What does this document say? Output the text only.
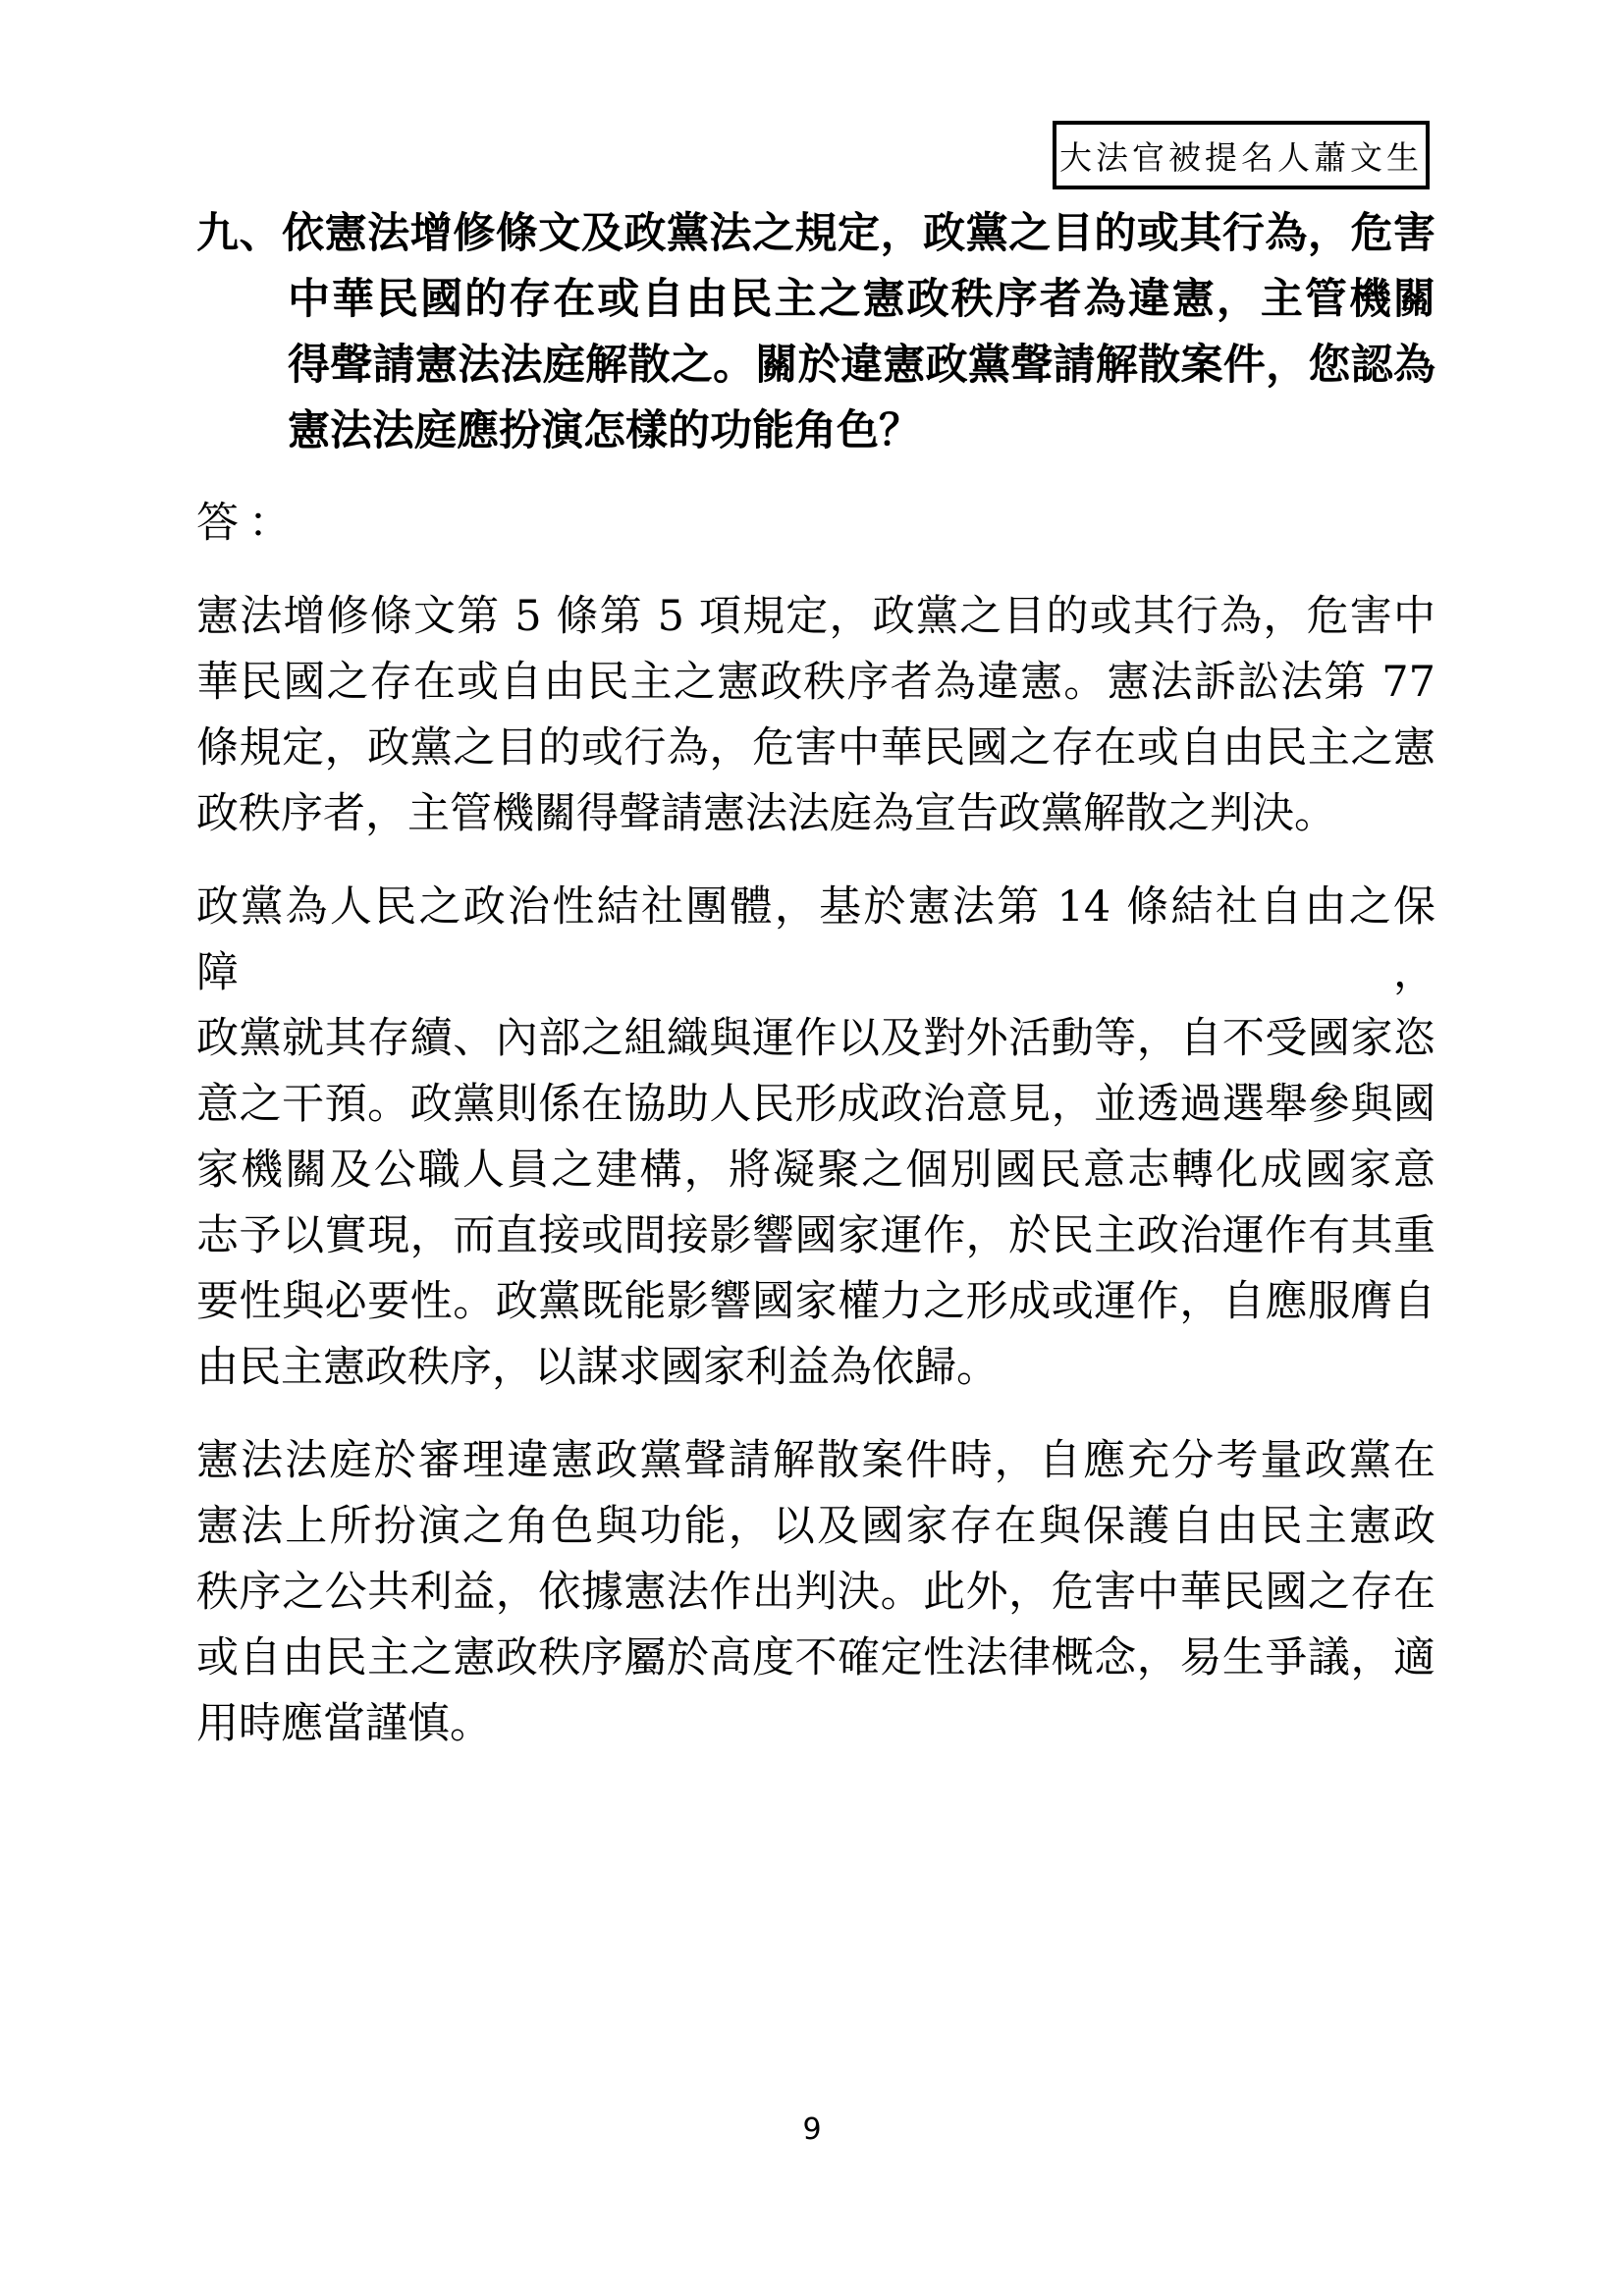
大法官被提名人蕭文生
九、依憲法增修條文及政黨法之規定，政黨之目的或其行為，危害
中華民國的存在或自由民主之憲政秩序者為違憲，主管機關
得聲請憲法法庭解散之。關於違憲政黨聲請解散案件，您認為
憲法法庭應扮演怎樣的功能角色？
答：
憲法增修條文第 5 條第 5 項規定，政黨之目的或其行為，危害中
華民國之存在或自由民主之憲政秩序者為違憲。憲法訴訟法第 77
條規定，政黨之目的或行為，危害中華民國之存在或自由民主之憲
政秩序者，主管機關得聲請憲法法庭為宣告政黨解散之判決。
政黨為人民之政治性結社團體，基於憲法第 14 條結社自由之保障，
政黨就其存續、內部之組織與運作以及對外活動等，自不受國家恣
意之干預。政黨則係在協助人民形成政治意見，並透過選舉參與國
家機關及公職人員之建構，將凝聚之個別國民意志轉化成國家意
志予以實現，而直接或間接影響國家運作，於民主政治運作有其重
要性與必要性。政黨既能影響國家權力之形成或運作，自應服膺自
由民主憲政秩序，以謀求國家利益為依歸。
憲法法庭於審理違憲政黨聲請解散案件時，自應充分考量政黨在
憲法上所扮演之角色與功能，以及國家存在與保護自由民主憲政
秩序之公共利益，依據憲法作出判決。此外，危害中華民國之存在
或自由民主之憲政秩序屬於高度不確定性法律概念，易生爭議，適
用時應當謹慎。
9
